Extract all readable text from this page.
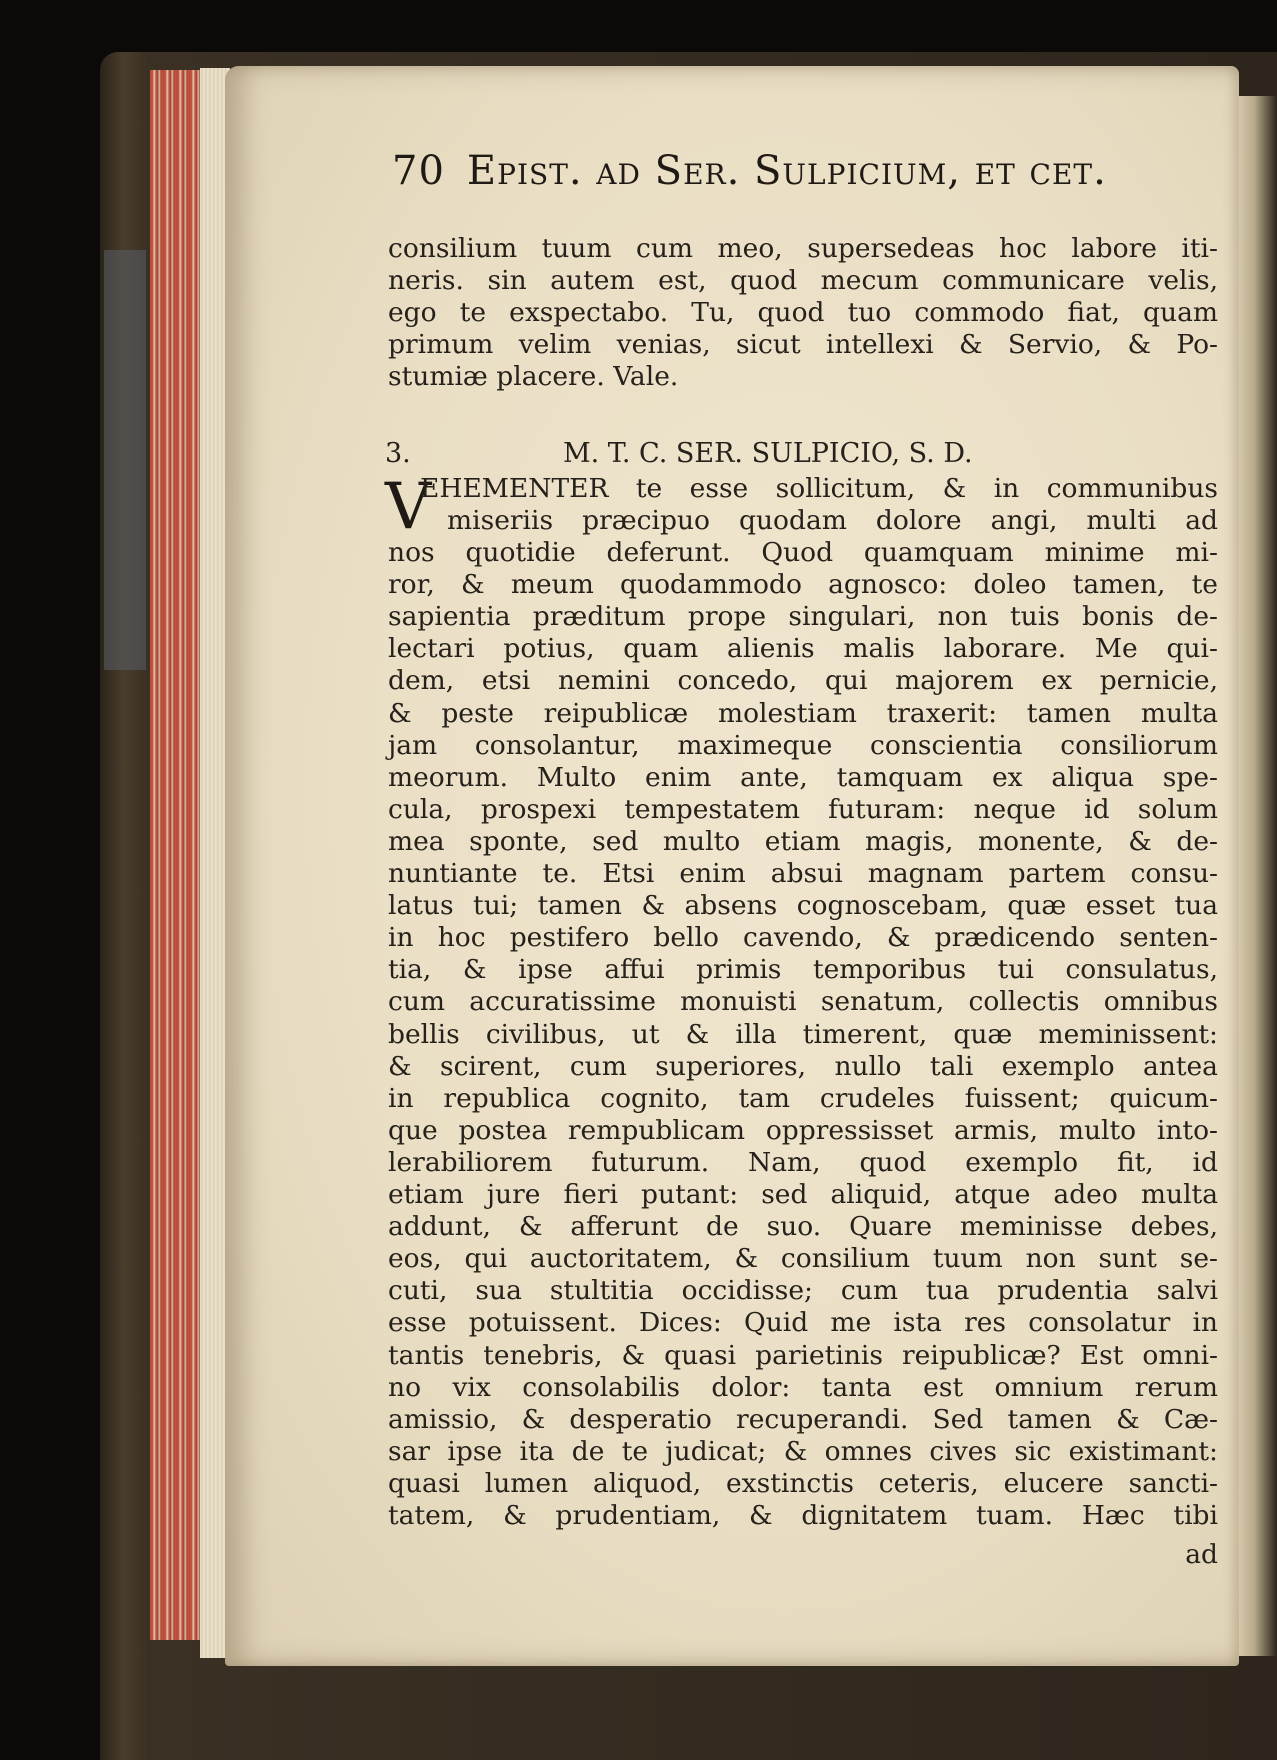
70 Epist. ad Ser. Sulpicium, et cet.
consilium tuum cum meo, supersedeas hoc labore iti-
neris. sin autem est, quod mecum communicare velis,
ego te exspectabo. Tu, quod tuo commodo fiat, quam
primum velim venias, sicut intellexi & Servio, & Po-
stumiæ placere. Vale.
3.	M. T. C. SER. SULPICIO, S. D.
V
EHEMENTER te esse sollicitum, & in communibus
miseriis præcipuo quodam dolore angi, multi ad
nos quotidie deferunt. Quod quamquam minime mi-
ror, & meum quodammodo agnosco: doleo tamen, te
sapientia præditum prope singulari, non tuis bonis de-
lectari potius, quam alienis malis laborare. Me qui-
dem, etsi nemini concedo, qui majorem ex pernicie,
& peste reipublicæ molestiam traxerit: tamen multa
jam consolantur, maximeque conscientia consiliorum
meorum. Multo enim ante, tamquam ex aliqua spe-
cula, prospexi tempestatem futuram: neque id solum
mea sponte, sed multo etiam magis, monente, & de-
nuntiante te. Etsi enim absui magnam partem consu-
latus tui; tamen & absens cognoscebam, quæ esset tua
in hoc pestifero bello cavendo, & prædicendo senten-
tia, & ipse affui primis temporibus tui consulatus,
cum accuratissime monuisti senatum, collectis omnibus
bellis civilibus, ut & illa timerent, quæ meminissent:
& scirent, cum superiores, nullo tali exemplo antea
in republica cognito, tam crudeles fuissent; quicum-
que postea rempublicam oppressisset armis, multo into-
lerabiliorem futurum. Nam, quod exemplo fit, id
etiam jure fieri putant: sed aliquid, atque adeo multa
addunt, & afferunt de suo. Quare meminisse debes,
eos, qui auctoritatem, & consilium tuum non sunt se-
cuti, sua stultitia occidisse; cum tua prudentia salvi
esse potuissent. Dices: Quid me ista res consolatur in
tantis tenebris, & quasi parietinis reipublicæ? Est omni-
no vix consolabilis dolor: tanta est omnium rerum
amissio, & desperatio recuperandi. Sed tamen & Cæ-
sar ipse ita de te judicat; & omnes cives sic existimant:
quasi lumen aliquod, exstinctis ceteris, elucere sancti-
tatem, & prudentiam, & dignitatem tuam. Hæc tibi
ad
